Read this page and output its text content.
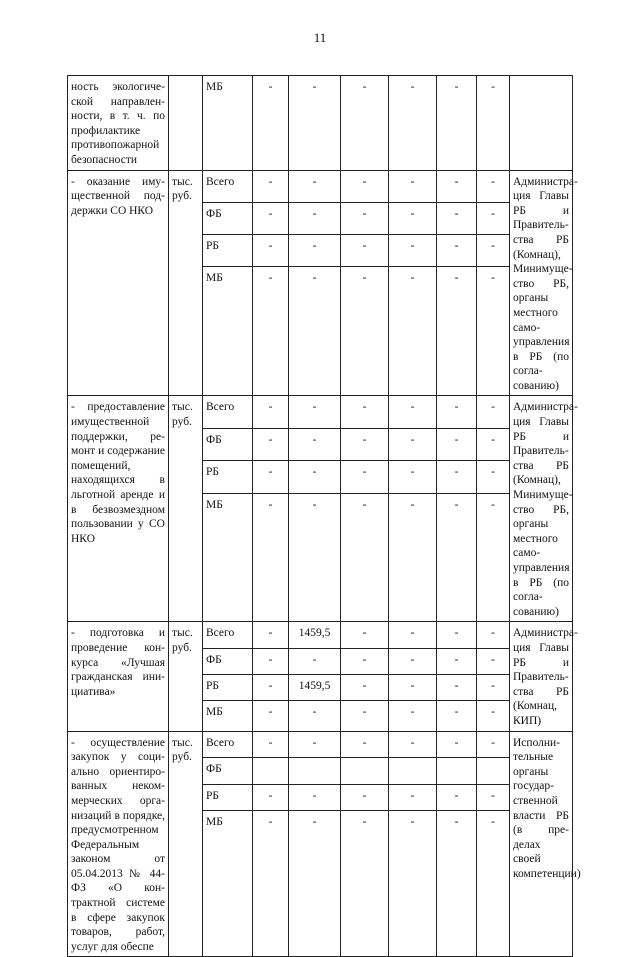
11
ность экологической направленности, в т. ч. по профилактике противопожарной безопасности		МБ	-	-	-	-	-	-	
- оказание имущественной поддержки СО НКО	тыс. руб.	Всего	-	-	-	-	-	-	Администрация Главы РБ и Правительства РБ (Комнац), Минимущество РБ, органы местного самоуправления в РБ (по согласованию)
		ФБ	-	-	-	-	-	-	
		РБ	-	-	-	-	-	-	
		МБ	-	-	-	-	-	-	
- предоставление имущественной поддержки, ремонт и содержание помещений, находящихся в льготной аренде и в безвозмездном пользовании у СО НКО	тыс. руб.	Всего	-	-	-	-	-	-	Администрация Главы РБ и Правительства РБ (Комнац), Минимущество РБ, органы местного самоуправления в РБ (по согласованию)
		ФБ	-	-	-	-	-	-	
		РБ	-	-	-	-	-	-	
		МБ	-	-	-	-	-	-	
- подготовка и проведение конкурса «Лучшая гражданская инициатива»	тыс. руб.	Всего	-	1459,5	-	-	-	-	Администрация Главы РБ и Правительства РБ (Комнац, КИП)
		ФБ	-	-	-	-	-	-	
		РБ	-	1459,5	-	-	-	-	
		МБ	-	-	-	-	-	-	
- осуществление закупок у социально ориентированных некоммерческих организаций в порядке, предусмотренном Федеральным законом от 05.04.2013 № 44-ФЗ «О контрактной системе в сфере закупок товаров, работ, услуг для обеспе	тыс. руб.	Всего	-	-	-	-	-	-	Исполнительные органы государственной власти РБ (в пределах своей компетенции)
		ФБ							
		РБ	-	-	-	-	-	-	
		МБ	-	-	-	-	-	-	
